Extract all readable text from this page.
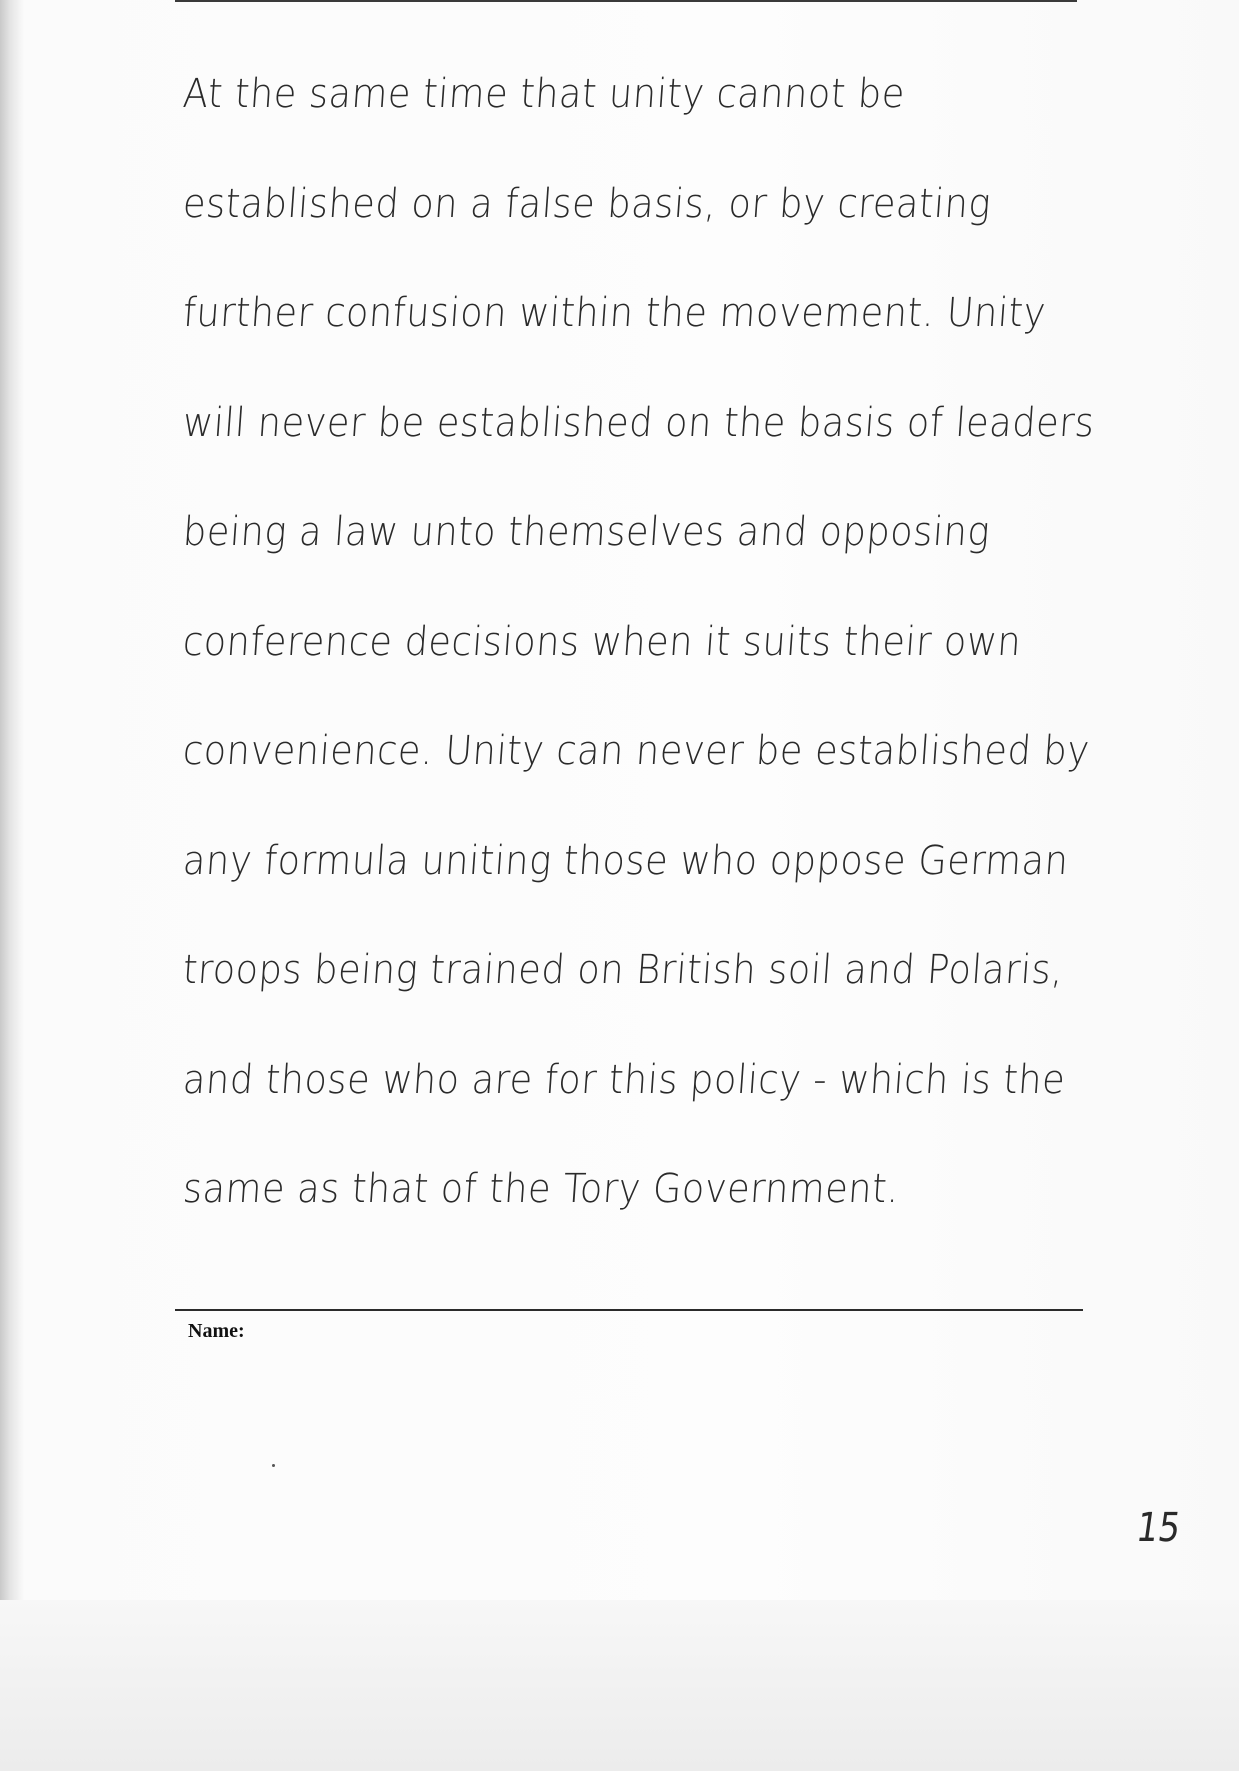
At the same time that unity cannot be
established on a false basis, or by creating
further confusion within the movement. Unity
will never be established on the basis of leaders
being a law unto themselves and opposing
conference decisions when it suits their own
convenience. Unity can never be established by
any formula uniting those who oppose German
troops being trained on British soil and Polaris,
and those who are for this policy - which is the
same as that of the Tory Government.
Name:
15
